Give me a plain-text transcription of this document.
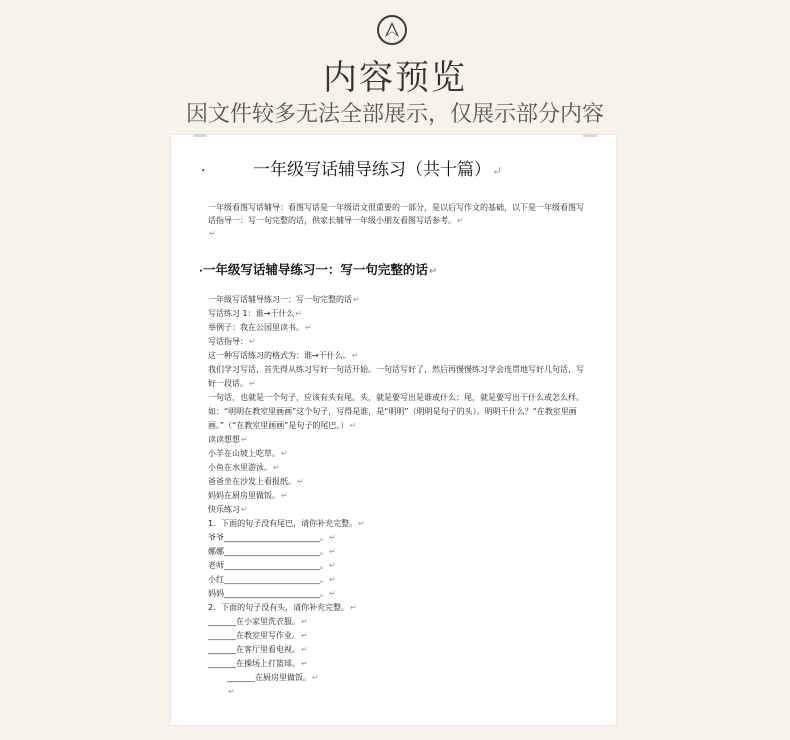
内容预览
因文件较多无法全部展示，仅展示部分内容
·	一年级写话辅导练习（共十篇）↵
一年级看图写话辅导：看图写话是一年级语文很重要的一部分，是以后写作文的基础，以下是一年级看图写话指导一：写一句完整的话，供家长辅导一年级小朋友看图写话参考。↵
↵
·一年级写话辅导练习一：写一句完整的话↵
一年级写话辅导练习一：写一句完整的话↵
写话练习 1：谁→干什么↵
举例子：我在公园里读书。↵
写话指导：↵
这一种写话练习的格式为：谁→干什么。↵
我们学习写话，首先得从练习写好一句话开始。一句话写好了，然后再慢慢练习学会连贯地写好几句话，写好一段话。↵
一句话，也就是一个句子，应该有头有尾。头，就是要写出是谁或什么；尾，就是要写出干什么或怎么样。如：“明明在教室里画画”这个句子，写得是谁，是“明明”（明明是句子的头）。明明干什么？“在教室里画画。”（“在教室里画画”是句子的尾巴。）↵
读读想想↵
小羊在山坡上吃草。↵
小鱼在水里游泳。↵
爸爸坐在沙发上看报纸。↵
妈妈在厨房里做饭。↵
快乐练习↵
1．下面的句子没有尾巴，请你补充完整。↵
爷爷________________________。↵
娜娜________________________。↵
老师________________________。↵
小红________________________。↵
妈妈________________________。↵
2．下面的句子没有头，请你补充完整。↵
_______在小家里洗衣服。↵
_______在教室里写作业。↵
_______在客厅里看电视。↵
_______在操场上打篮球。↵
_______在厨房里做饭。↵
↵
